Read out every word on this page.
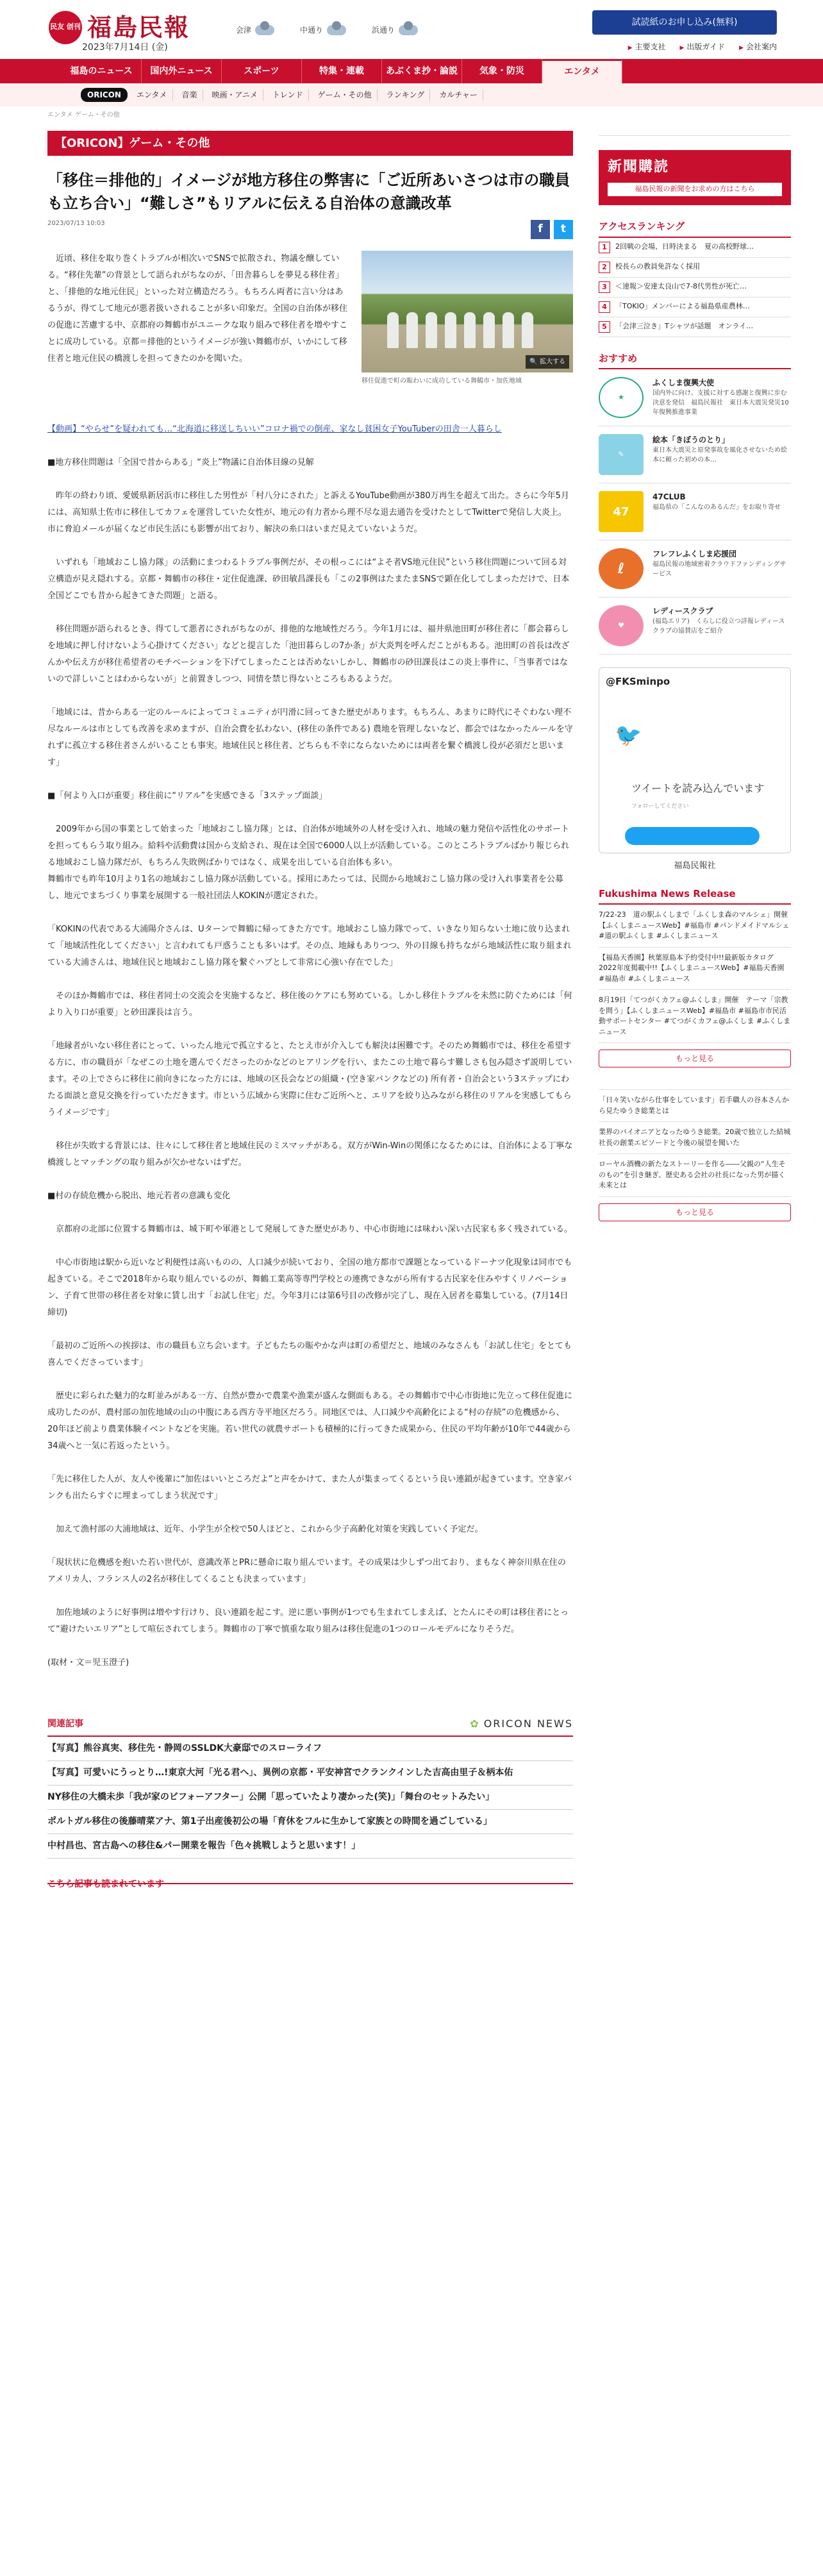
民友 创刊 福島民報
2023年7月14日 (金)
会津	中通り	浜通り
試読紙のお申し込み(無料)
▶ 主要支社	▶ 出版ガイド	▶ 会社案内
福島のニュース	国内外ニュース	スポーツ	特集・連載	あぶくま抄・論説	気象・防災	エンタメ
ORICON	エンタメ	音楽	映画・アニメ	トレンド	ゲーム・その他	ランキング	カルチャー
エンタメ ゲーム・その他
【ORICON】ゲーム・その他
「移住＝排他的」イメージが地方移住の弊害に「ご近所あいさつは市の職員も立ち合い」“難しさ”もリアルに伝える自治体の意識改革
2023/07/13 10:03	f	t

近頃、移住を取り巻くトラブルが相次いでSNSで拡散され、物議を醸している。“移住先輩”の背景として語られがちなのが、「田舎暮らしを夢見る移住者」と、「排他的な地元住民」といった対立構造だろう。もちろん両者に言い分はあるうが、得てして地元が悪者扱いされることが多い印象だ。全国の自治体が移住の促進に苦慮する中、京都府の舞鶴市がユニークな取り組みで移住者を増やすことに成功している。京都＝排他的というイメージが強い舞鶴市が、いかにして移住者と地元住民の橋渡しを担ってきたのかを聞いた。	🔍 拡大する
移住促進で町の賑わいに成功している舞鶴市・加佐地域

【動画】“やらせ”を疑われても…“北海道に移送しちいい”コロナ禍での倒産、家なし貧困女子YouTuberの田舎一人暮らし

■地方移住問題は「全国で昔からある」“炎上”物議に自治体目線の見解

昨年の終わり頃、愛媛県新居浜市に移住した男性が「村八分にされた」と訴えるYouTube動画が380万再生を超えて出た。さらに今年5月には、高知県土佐市に移住してカフェを運営していた女性が、地元の有力者から理不尽な退去通告を受けたとしてTwitterで発信し大炎上。市に脅迫メールが届くなど市民生活にも影響が出ており、解決の糸口はいまだ見えていないようだ。

いずれも「地域おこし協力隊」の活動にまつわるトラブル事例だが、その根っこには“よそ者VS地元住民”という移住問題について回る対立構造が見え隠れする。京都・舞鶴市の移住・定住促進課、砂田敏昌課長も「この2事例はたまたまSNSで顕在化してしまっただけで、日本全国どこでも昔から起きてきた問題」と語る。

移住問題が語られるとき、得てして悪者にされがちなのが、排他的な地域性だろう。今年1月には、福井県池田町が移住者に「都会暮らしを地域に押し付けないよう心掛けてください」などと提言した「池田暮らしの7か条」が大炎判を呼んだことがもある。池田町の首長は改ざんかや伝え方が移住希望者のモチベーションを下げてしまったことは否めないしかし、舞鶴市の砂田課長はこの炎上事件に、「当事者ではないので詳しいことはわからないが」と前置きしつつ、同情を禁じ得ないところもあるようだ。

「地域には、昔からある一定のルールによってコミュニティが円滑に回ってきた歴史があります。もちろん、あまりに時代にそぐわない理不尽なルールは市としても改善を求めますが、自治会費を払わない、(移住の条件である) 農地を管理しないなど、都会ではなかったルールを守れずに孤立する移住者さんがいることも事実。地域住民と移住者、どちらも不幸にならないためには両者を繋ぐ橋渡し役が必須だと思います」

■「何より入口が重要」移住前に“リアル”を実感できる「3ステップ面談」

2009年から国の事業として始まった「地域おこし協力隊」とは、自治体が地域外の人材を受け入れ、地域の魅力発信や活性化のサポートを担ってもらう取り組み。給料や活動費は国から支給され、現在は全国で6000人以上が活動している。このところトラブルばかり報じられる地域おこし協力隊だが、もちろん失敗例ばかりではなく、成果を出している自治体も多い。
舞鶴市でも昨年10月より1名の地域おこし協力隊が活動している。採用にあたっては、民間から地域おこし協力隊の受け入れ事業者を公募し、地元でまちづくり事業を展開する一般社団法人KOKINが選定された。

「KOKINの代表である大浦陽介さんは、Uターンで舞鶴に帰ってきた方です。地域おこし協力隊でって、いきなり知らない土地に放り込まれて「地域活性化してください」と言われても戸惑うことも多いはず。その点、地縁もありつつ、外の目線も持ちながら地域活性に取り組まれている大浦さんは、地域住民と地域おこし協力隊を繋ぐハブとして非常に心強い存在でした」

そのほか舞鶴市では、移住者同士の交流会を実施するなど、移住後のケアにも努めている。しかし移住トラブルを未然に防ぐためには「何より入り口が重要」と砂田課長は言う。

「地縁者がいない移住者にとって、いったん地元で孤立すると、たとえ市が介入しても解決は困難です。そのため舞鶴市では、移住を希望する方に、市の職員が「なぜこの土地を選んでくださったのかなどのヒアリングを行い、またこの土地で暮らす難しさも包み隠さず説明しています。その上でさらに移住に前向きになった方には、地域の区長会などの組織・(空き家バンクなどの) 所有者・自治会という3ステップにわたる面談と意見交換を行っていただきます。市という広域から実際に住むご近所へと、エリアを絞り込みながら移住のリアルを実感してもらうイメージです」

移住が失敗する背景には、往々にして移住者と地域住民のミスマッチがある。双方がWin-Winの関係になるためには、自治体による丁寧な橋渡しとマッチングの取り組みが欠かせないはずだ。

■村の存続危機から脱出、地元若者の意識も変化

京都府の北部に位置する舞鶴市は、城下町や軍港として発展してきた歴史があり、中心市街地には味わい深い古民家も多く残されている。

中心市街地は駅から近いなど利便性は高いものの、人口減少が続いており、全国の地方都市で課題となっているドーナツ化現象は同市でも起きている。そこで2018年から取り組んでいるのが、舞鶴工業高等専門学校との連携できながら所有する古民家を住みやすくリノベーション、子育て世帯の移住者を対象に賃し出す「お試し住宅」だ。今年3月には第6号目の改修が完了し、現在入居者を募集している。(7月14日締切)

「最初のご近所への挨拶は、市の職員も立ち会います。子どもたちの賑やかな声は町の希望だと、地域のみなさんも「お試し住宅」をとても喜んでくださっています」

歴史に彩られた魅力的な町並みがある一方、自然が豊かで農業や漁業が盛んな側面もある。その舞鶴市で中心市街地に先立って移住促進に成功したのが、農村部の加佐地域の山の中腹にある西方寺平地区だろう。同地区では、人口減少や高齢化による“村の存続”の危機感から、20年ほど前より農業体験イベントなどを実施。若い世代の就農サポートも積極的に行ってきた成果から、住民の平均年齢が10年で44歳から34歳へと一気に若返ったという。

「先に移住した人が、友人や後輩に“加佐はいいところだよ”と声をかけて、また人が集まってくるという良い連鎖が起きています。空き家バンクも出たらすぐに埋まってしまう状況です」

加えて漁村部の大浦地域は、近年、小学生が全校で50人ほどと、これから少子高齢化対策を実践していく予定だ。

「現状状に危機感を抱いた若い世代が、意識改革とPRに懸命に取り組んでいます。その成果は少しずつ出ており、まもなく神奈川県在住のアメリカ人、フランス人の2名が移住してくることも決まっています」

加佐地域のように好事例は増やす行けり、良い連鎖を起こす。逆に悪い事例が1つでも生まれてしまえば、とたんにその町は移住者にとって“避けたいエリア”として喧伝されてしまう。舞鶴市の丁寧で慎重な取り組みは移住促進の1つのロールモデルになりそうだ。

(取材・文＝児玉澄子)

関連記事	✿ ORICON NEWS
【写真】熊谷真実、移住先・静岡のSSLDK大豪邸でのスローライフ
【写真】可愛いにうっとり…!東京大河「光る君へ」、異例の京都・平安神宮でクランクインした吉高由里子＆柄本佑
NY移住の大橋未歩「我が家のビフォーアフター」公開「思っていたより凄かった(笑)」「舞台のセットみたい」
ポルトガル移住の後藤晴菜アナ、第1子出産後初公の場「育休をフルに生かして家族との時間を過ごしている」
中村昌也、宮古島への移住&パー開業を報告「色々挑戦しようと思います！」
こちら記事も読まれています
新聞購読
福島民報の新聞をお求めの方はこちら
アクセスランキング
1	2回戦の会場、日時決まる　夏の高校野球…
2	校長らの教員免許なく採用
3	＜速報＞安達太良山で7-8代男性が死亡…
4	「TOKIO」メンバーによる福島県産農林…
5	「会津三泣き」Tシャツが話題　オンライ…
おすすめ
★
ふくしま復興大使
国内外に向け、支援に対する感謝と復興に歩む決意を発信　福島民報社　東日本大震災発災10年復興推進事業
✎
絵本「きぼうのとり」
東日本大震災と原発事故を風化させないため絵本に頼った初めの本…
47
47CLUB
福島県の「こんなのあるんだ」をお取り寄せ
ℓ
フレフレふくしま応援団
福島民報の地域密着クラウドファンディングサービス
♥
レディースクラブ
(福島エリア)　くらしに役立つ詳報レディースクラブの協賛店をご紹介
@FKSminpo
🐦
ツイートを読み込んでいます
フォローしてください
福島民報社
Fukushima News Release
7/22-23　道の駅ふくしまで「ふくしま森のマルシェ」開催【ふくしまニュースWeb】#福島市 #パンドメイドマルシェ #道の駅ふくしま #ふくしまニュース
【福島天香園】秋葉原島本予約受付中!!最新版カタログ2022年度掲載中!!【ふくしまニュースWeb】#福島天香園 #福島市 #ふくしまニュース
8月19日「てつがくカフェ@ふくしま」開催　テーマ「宗教を問う」【ふくしまニュースWeb】#福島市 #福島市市民活動サポートセンター #てつがくカフェ@ふくしま #ふくしまニュース
もっと見る
「日々笑いながら仕事をしています」若手職人の谷本さんから見たゆうき総業とは
業界のパイオニアとなったゆうき総業。20歳で独立した結城社長の創業エピソードと今後の展望を聞いた
ローヤル酒機の新たなストーリーを作る――父親の“人生そのもの”を引き継ぎ、歴史ある会社の社長になった男が描く未来とは
もっと見る
